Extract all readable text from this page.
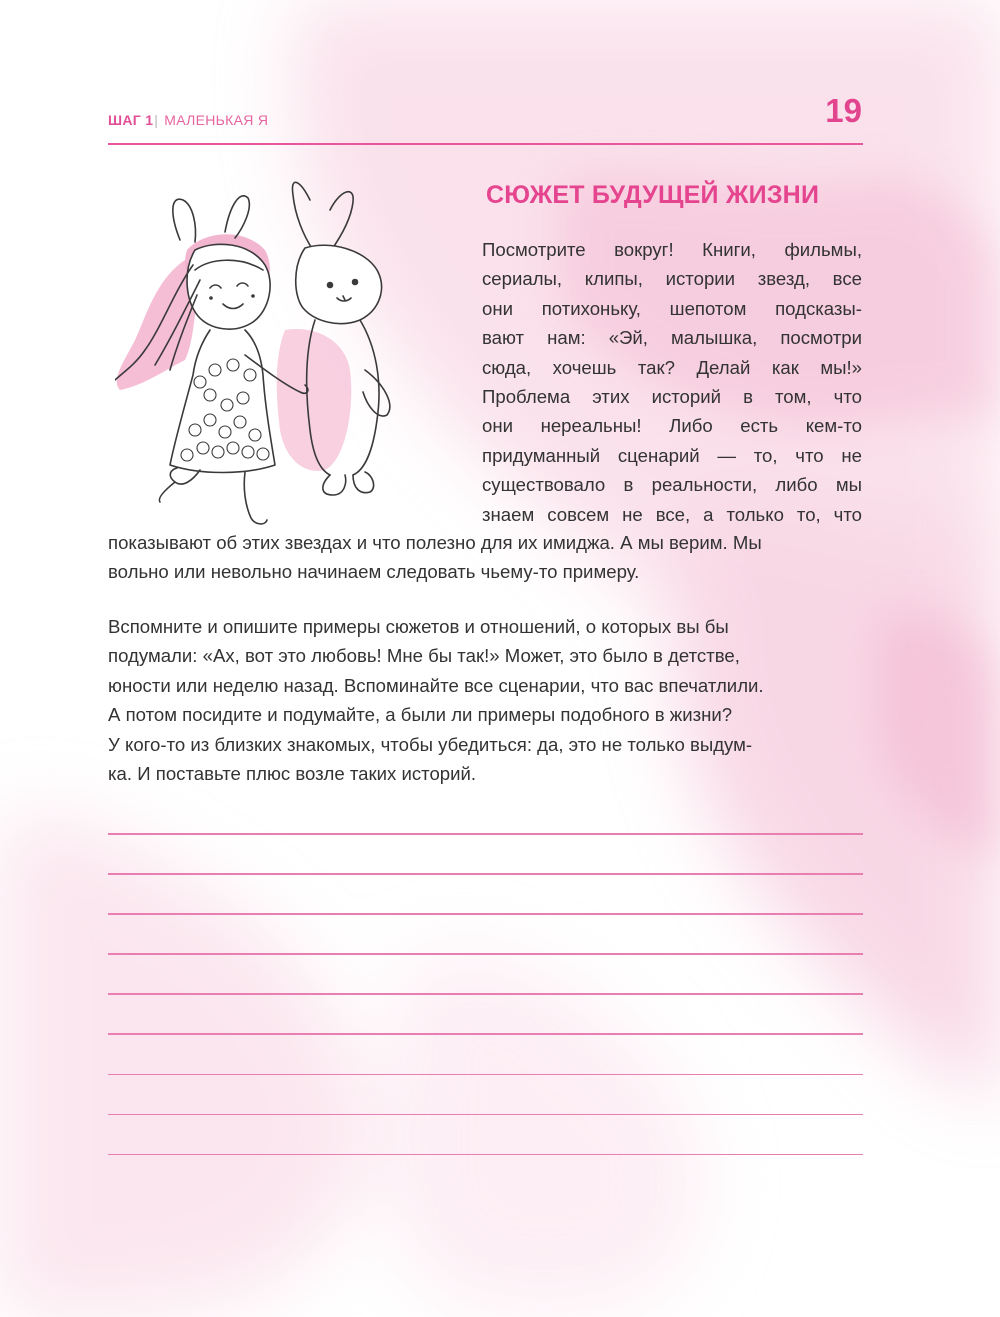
ШАГ 1| МАЛЕНЬКАЯ Я	19
СЮЖЕТ БУДУЩЕЙ ЖИЗНИ
Посмотрите вокруг! Книги, фильмы,
сериалы, клипы, истории звезд, все
они потихоньку, шепотом подсказы-
вают нам: «Эй, малышка, посмотри
сюда, хочешь так? Делай как мы!»
Проблема этих историй в том, что
они нереальны! Либо есть кем-то
придуманный сценарий — то, что не
существовало в реальности, либо мы
знаем совсем не все, а только то, что
показывают об этих звездах и что полезно для их имиджа. А мы верим. Мы
вольно или невольно начинаем следовать чьему-то примеру.
Вспомните и опишите примеры сюжетов и отношений, о которых вы бы
подумали: «Ах, вот это любовь! Мне бы так!» Может, это было в детстве,
юности или неделю назад. Вспоминайте все сценарии, что вас впечатлили.
А потом посидите и подумайте, а были ли примеры подобного в жизни?
У кого-то из близких знакомых, чтобы убедиться: да, это не только выдум-
ка. И поставьте плюс возле таких историй.
